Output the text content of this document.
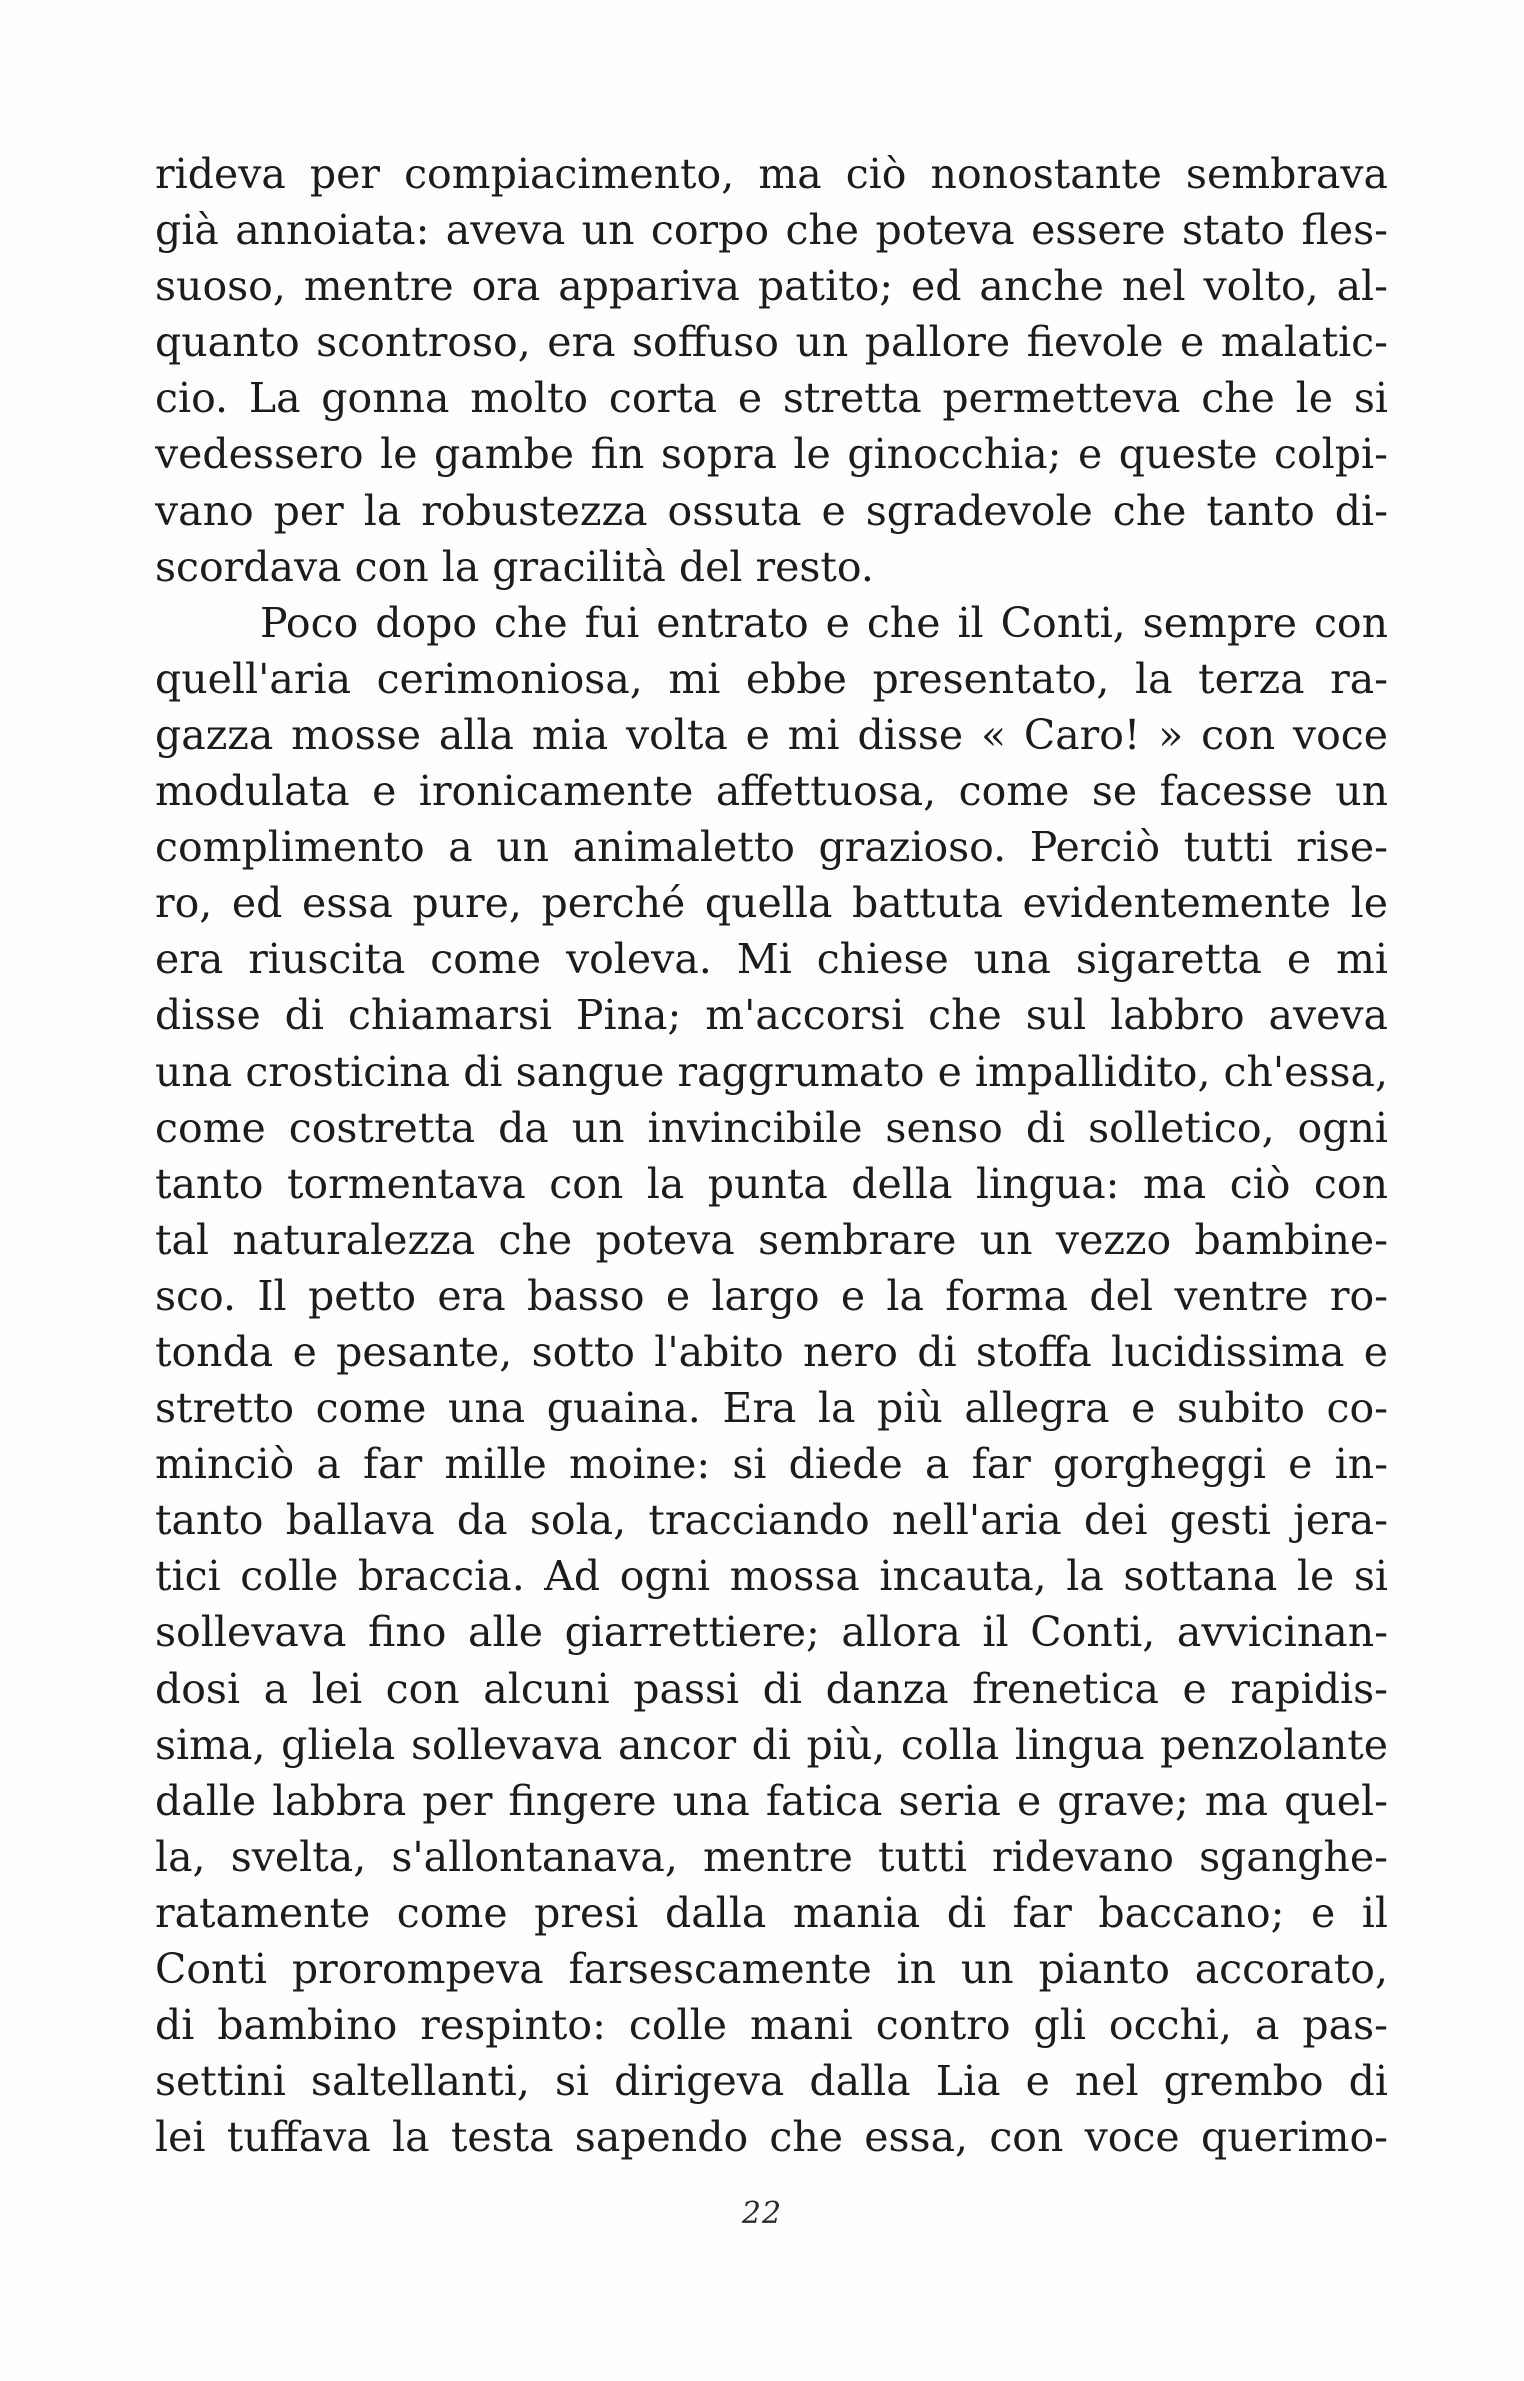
rideva per compiacimento, ma ciò nonostante sembrava
già annoiata: aveva un corpo che poteva essere stato fles-
suoso, mentre ora appariva patito; ed anche nel volto, al-
quanto scontroso, era soffuso un pallore fievole e malatic-
cio. La gonna molto corta e stretta permetteva che le si
vedessero le gambe fin sopra le ginocchia; e queste colpi-
vano per la robustezza ossuta e sgradevole che tanto di-
scordava con la gracilità del resto.
Poco dopo che fui entrato e che il Conti, sempre con
quell'aria cerimoniosa, mi ebbe presentato, la terza ra-
gazza mosse alla mia volta e mi disse « Caro! » con voce
modulata e ironicamente affettuosa, come se facesse un
complimento a un animaletto grazioso. Perciò tutti rise-
ro, ed essa pure, perché quella battuta evidentemente le
era riuscita come voleva. Mi chiese una sigaretta e mi
disse di chiamarsi Pina; m'accorsi che sul labbro aveva
una crosticina di sangue raggrumato e impallidito, ch'essa,
come costretta da un invincibile senso di solletico, ogni
tanto tormentava con la punta della lingua: ma ciò con
tal naturalezza che poteva sembrare un vezzo bambine-
sco. Il petto era basso e largo e la forma del ventre ro-
tonda e pesante, sotto l'abito nero di stoffa lucidissima e
stretto come una guaina. Era la più allegra e subito co-
minciò a far mille moine: si diede a far gorgheggi e in-
tanto ballava da sola, tracciando nell'aria dei gesti jera-
tici colle braccia. Ad ogni mossa incauta, la sottana le si
sollevava fino alle giarrettiere; allora il Conti, avvicinan-
dosi a lei con alcuni passi di danza frenetica e rapidis-
sima, gliela sollevava ancor di più, colla lingua penzolante
dalle labbra per fingere una fatica seria e grave; ma quel-
la, svelta, s'allontanava, mentre tutti ridevano sganghe-
ratamente come presi dalla mania di far baccano; e il
Conti prorompeva farsescamente in un pianto accorato,
di bambino respinto: colle mani contro gli occhi, a pas-
settini saltellanti, si dirigeva dalla Lia e nel grembo di
lei tuffava la testa sapendo che essa, con voce querimo-
22
